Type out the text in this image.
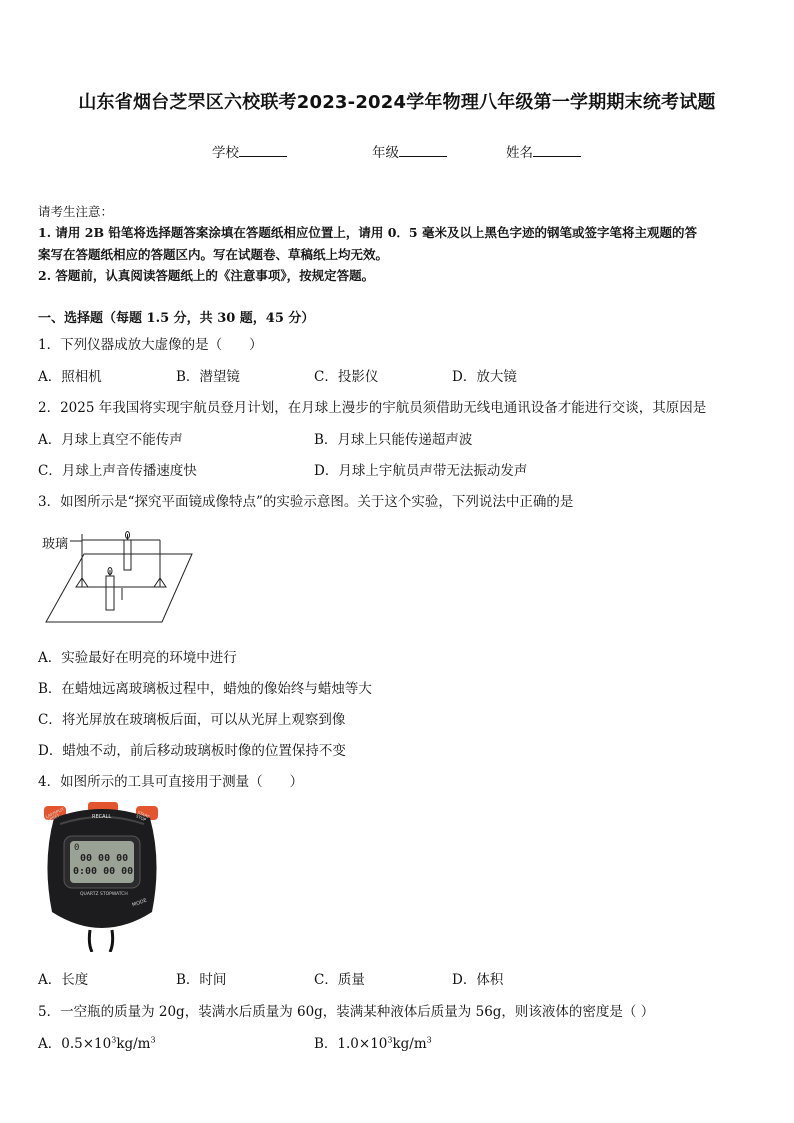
山东省烟台芝罘区六校联考2023-2024学年物理八年级第一学期期末统考试题
学校	年级	姓名
请考生注意：
1. 请用 2B 铅笔将选择题答案涂填在答题纸相应位置上，请用 0．5 毫米及以上黑色字迹的钢笔或签字笔将主观题的答
案写在答题纸相应的答题区内。写在试题卷、草稿纸上均无效。
2. 答题前，认真阅读答题纸上的《注意事项》，按规定答题。
一、选择题（每题 1.5 分，共 30 题，45 分）
1．下列仪器成放大虚像的是（　　）
A．照相机	B．潜望镜	C．投影仪	D．放大镜
2．2025 年我国将实现宇航员登月计划，在月球上漫步的宇航员须借助无线电通讯设备才能进行交谈，其原因是
A．月球上真空不能传声	B．月球上只能传递超声波
C．月球上声音传播速度快	D．月球上宇航员声带无法振动发声
3．如图所示是“探究平面镜成像特点”的实验示意图。关于这个实验，下列说法中正确的是
玻璃
A．实验最好在明亮的环境中进行
B．在蜡烛远离玻璃板过程中，蜡烛的像始终与蜡烛等大
C．将光屏放在玻璃板后面，可以从光屏上观察到像
D．蜡烛不动，前后移动玻璃板时像的位置保持不变
4．如图所示的工具可直接用于测量（　　）
LAP/SPLIT RESET	RECALL	START STOP
0
00 00 00
0:00 00 00
QUARTZ STOPWATCH
MODE
A．长度	B．时间	C．质量	D．体积
5．一空瓶的质量为 20g，装满水后质量为 60g，装满某种液体后质量为 56g，则该液体的密度是（ ）
A．$0.5\times 10^3kg/m^3$	B．$1.0\times 10^3kg/m^3$
